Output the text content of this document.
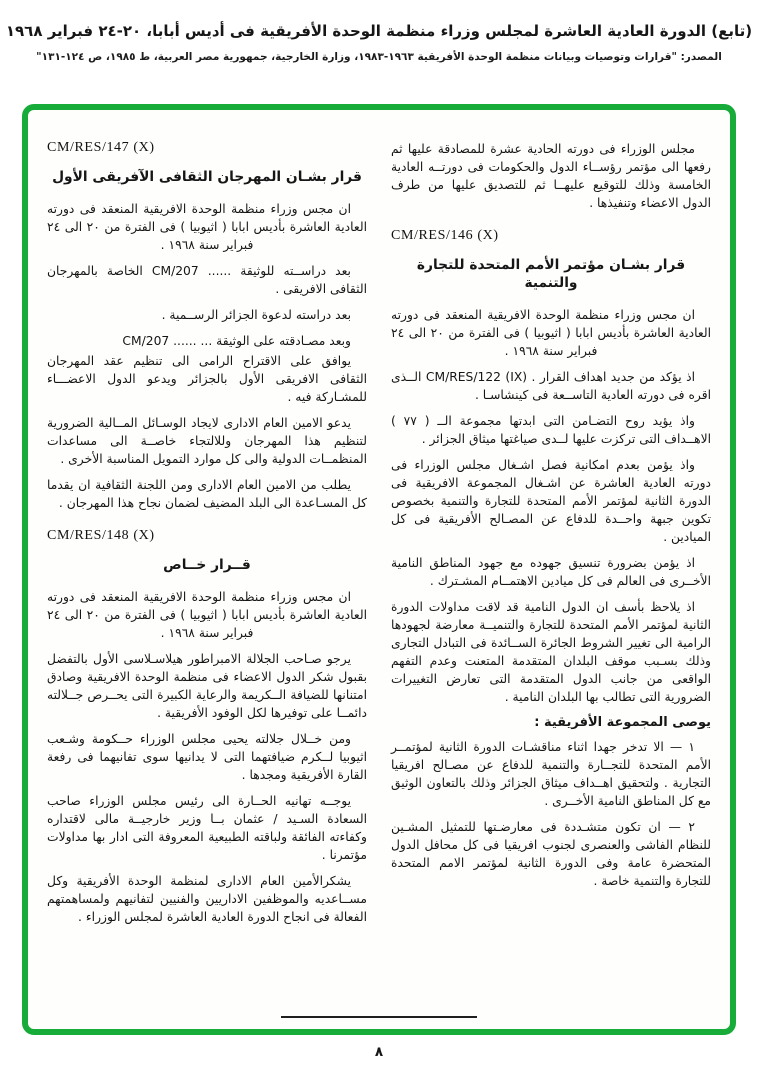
(تابع) الدورة العادية العاشرة لمجلس وزراء منظمة الوحدة الأفريقية فى أديس أبابا، ٢٠-٢٤ فبراير ١٩٦٨
المصدر: "قرارات وتوصيات وبيانات منظمة الوحدة الأفريقية ١٩٦٣-١٩٨٣، وزارة الخارجية، جمهورية مصر العربية، ط ١٩٨٥، ص ١٢٤-١٣١"

مجلس الوزراء فى دورته الحادية عشرة للمصادقة عليها ثم رفعها الى مؤتمر رؤســاء الدول والحكومات فى دورتــه العادية الخامسة وذلك للتوقيع عليهــا ثم للتصديق عليها من طرف الدول الاعضاء وتنفيذها .

CM/RES/146 (X)
قرار بشـان مؤتمر الأمم المتحدة للتجارة والتنمية

ان مجس وزراء منظمة الوحدة الافريقية المنعقد فى دورته العادية العاشرة بأديس ابابا ( اثيوبيا ) فى الفترة من ٢٠ الى ٢٤ فبراير سنة ١٩٦٨ .

اذ يؤكد من جديد اهداف القرار . CM/RES/122 (IX) الــذى اقره فى دورته العادية التاســعة فى كينشاسـا .

واذ يؤيد روح التضـامن التى ابدتها مجموعة الــ ( ٧٧ ) الاهــداف التى تركزت عليها لــدى صياغتها ميثاق الجزائر .

واذ يؤمن بعدم امكانية فصل اشـغال مجلس الوزراء فى دورته العادية العاشرة عن اشـغال المجموعة الافريقية فى الدورة الثانية لمؤتمر الأمم المتحدة للتجارة والتنمية بخصوص تكوين جبهة واحــدة للدفاع عن المصـالح الأفريقية فى كل الميادين .

اذ يؤمن بضرورة تنسيق جهوده مع جهود المناطق النامية الأخــرى فى العالم فى كل ميادين الاهتمــام المشـترك .

اذ يلاحظ بأسف ان الدول النامية قد لاقت مداولات الدورة الثانية لمؤتمر الأمم المتحدة للتجارة والتنميــة معارضة لجهودها الرامية الى تغيير الشروط الجائرة الســائدة فى التبادل التجارى وذلك بسـبب موقف البلدان المتقدمة المتعنت وعدم التفهم الواقعى من جانب الدول المتقدمة التى تعارض التغييرات الضرورية التى تطالب بها البلدان النامية .

يوصى المجموعة الأفريقية :

١ — الا تدخر جهدا اثناء مناقشـات الدورة الثانية لمؤتمــر الأمم المتحدة للتجــارة والتنمية للدفاع عن مصـالح افريقيا التجارية . ولتحقيق اهــداف ميثاق الجزائر وذلك بالتعاون الوثيق مع كل المناطق النامية الأخــرى .

٢ — ان تكون متشـددة فى معارضـتها للتمثيل المشـين للنظام الفاشى والعنصرى لجنوب افريقيا فى كل محافل الدول المتحضرة عامة وفى الدورة الثانية لمؤتمر الامم المتحدة للتجارة والتنمية خاصة .

CM/RES/147 (X)
قرار بشـان المهرجان الثقافى الآفريقى الأول

ان مجس وزراء منظمة الوحدة الافريقية المنعقد فى دورته العادية العاشرة بأديس ابابا ( اثيوبيا ) فى الفترة من ٢٠ الى ٢٤ فبراير سنة ١٩٦٨ .

بعد دراســته للوثيقة ...... CM/207 الخاصة بالمهرجان الثقافى الافريقى .

بعد دراسته لدعوة الجزائر الرســمية .

وبعد مصـادقته على الوثيقة ... ...... CM/207

يوافق على الاقتراح الرامى الى تنظيم عقد المهرجان الثقافى الافريقى الأول بالجزائر ويدعو الدول الاعضـــاء للمشـاركة فيه .

يدعو الامين العام الادارى لايجاد الوسـائل المــالية الضرورية لتنظيم هذا المهرجان وللالتجاء خاصــة الى مساعدات المنظمــات الدولية والى كل موارد التمويل المناسبة الأخرى .

يطلب من الامين العام الادارى ومن اللجنة الثقافية ان يقدما كل المسـاعدة الى البلد المضيف لضمان نجاح هذا المهرجان .

CM/RES/148 (X)
قــرار خــاص

ان مجس وزراء منظمة الوحدة الافريقية المنعقد فى دورته العادية العاشرة بأديس ابابا ( اثيوبيا ) فى الفترة من ٢٠ الى ٢٤ فبراير سنة ١٩٦٨ .

يرجو صـاحب الجلالة الامبراطور هيلاسـلاسى الأول بالتفضل بقبول شكر الدول الاعضاء فى منظمة الوحدة الافريقية وصادق امتنانها للضيافة الــكريمة والرعاية الكبيرة التى يحــرص جــلالته دائمــا على توفيرها لكل الوفود الأفريقية .

ومن خــلال جلالته يحيى مجلس الوزراء حــكومة وشـعب اثيوبيا لــكرم ضيافتهما التى لا يدانيها سوى تفانيهما فى رفعة القارة الأفريقية ومجدها .

يوجــه تهانيه الحــارة الى رئيس مجلس الوزراء صاحب السعادة السـيد / عثمان بــا وزير خارجيــة مالى لاقتداره وكفاءته الفائقة ولباقته الطبيعية المعروفة التى ادار بها مداولات مؤتمرنا .

يشكرالأمين العام الادارى لمنظمة الوحدة الأفريقية وكل مســاعديه والموظفين الاداريين والفنيين لتفانيهم ولمساهمتهم الفعالة فى انجاح الدورة العادية العاشرة لمجلس الوزراء .

٨
